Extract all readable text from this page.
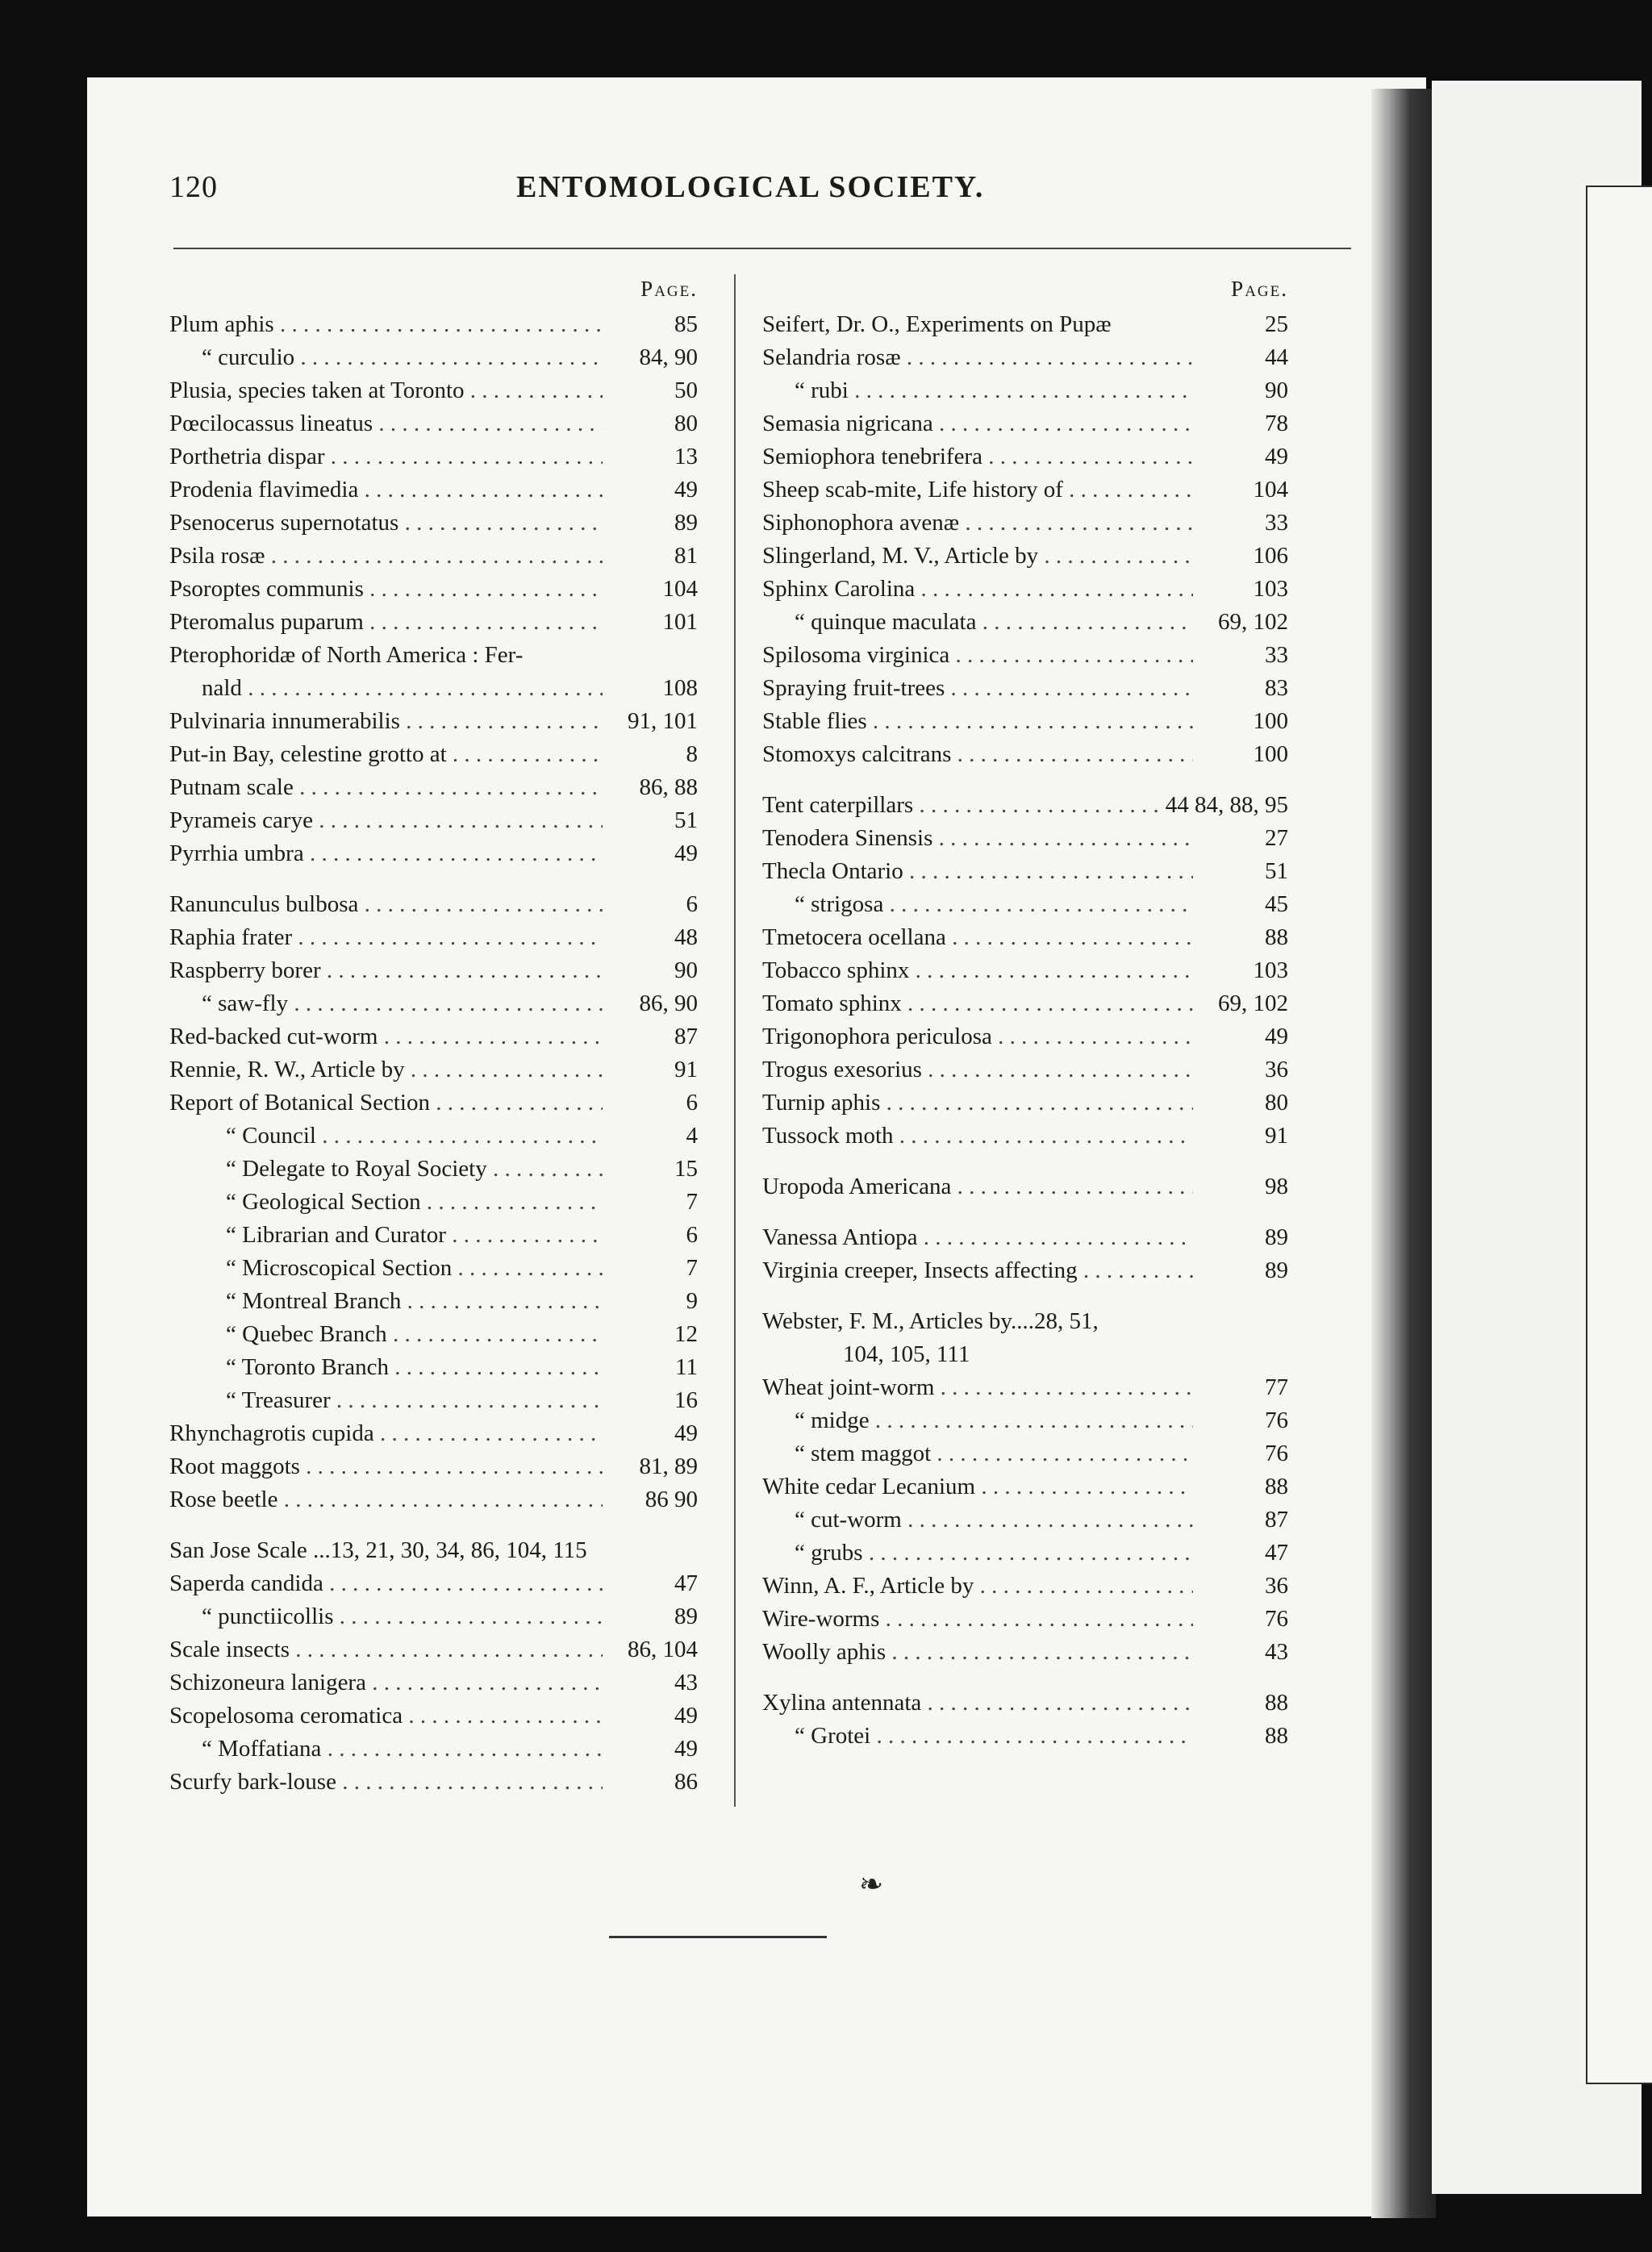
120	ENTOMOLOGICAL SOCIETY.
Page.
Plum aphis . . .	85
“ curculio . . .	84, 90
Plusia, species taken at Toronto . . .	50
Pœcilocassus lineatus . . .	80
Porthetria dispar . . .	13
Prodenia flavimedia . . .	49
Psenocerus supernotatus . . .	89
Psila rosæ . . .	81
Psoroptes communis . . .	104
Pteromalus puparum . . .	101
Pterophoridæ of North America : Fer-
nald . . .	108
Pulvinaria innumerabilis . . .	91, 101
Put-in Bay, celestine grotto at . . .	8
Putnam scale . . .	86, 88
Pyrameis carye . . .	51
Pyrrhia umbra . . .	49
Ranunculus bulbosa . . .	6
Raphia frater . . .	48
Raspberry borer . . .	90
“ saw-fly . . .	86, 90
Red-backed cut-worm . . .	87
Rennie, R. W., Article by . . .	91
Report of Botanical Section . . .	6
“ Council . . .	4
“ Delegate to Royal Society . . .	15
“ Geological Section . . .	7
“ Librarian and Curator . . .	6
“ Microscopical Section . . .	7
“ Montreal Branch . . .	9
“ Quebec Branch . . .	12
“ Toronto Branch . . .	11
“ Treasurer . . .	16
Rhynchagrotis cupida . . .	49
Root maggots . . .	81, 89
Rose beetle . . .	86 90
San Jose Scale ...13, 21, 30, 34, 86, 104, 115
Saperda candida . . .	47
“ punctiicollis . . .	89
Scale insects . . .	86, 104
Schizoneura lanigera . . .	43
Scopelosoma ceromatica . . .	49
“ Moffatiana . . .	49
Scurfy bark-louse . . .	86
Page.
Seifert, Dr. O., Experiments on Pupæ	25
Selandria rosæ . . .	44
“ rubi . . .	90
Semasia nigricana . . .	78
Semiophora tenebrifera . . .	49
Sheep scab-mite, Life history of . . .	104
Siphonophora avenæ . . .	33
Slingerland, M. V., Article by . . .	106
Sphinx Carolina . . .	103
“ quinque maculata . . .	69, 102
Spilosoma virginica . . .	33
Spraying fruit-trees . . .	83
Stable flies . . .	100
Stomoxys calcitrans . . .	100
Tent caterpillars . . .	44 84, 88, 95
Tenodera Sinensis . . .	27
Thecla Ontario . . .	51
“ strigosa . . .	45
Tmetocera ocellana . . .	88
Tobacco sphinx . . .	103
Tomato sphinx . . .	69, 102
Trigonophora periculosa . . .	49
Trogus exesorius . . .	36
Turnip aphis . . .	80
Tussock moth . . .	91
Uropoda Americana . . .	98
Vanessa Antiopa . . .	89
Virginia creeper, Insects affecting . . .	89
Webster, F. M., Articles by....28, 51,
104, 105, 111
Wheat joint-worm . . .	77
“ midge . . .	76
“ stem maggot . . .	76
White cedar Lecanium . . .	88
“ cut-worm . . .	87
“ grubs . . .	47
Winn, A. F., Article by . . .	36
Wire-worms . . .	76
Woolly aphis . . .	43
Xylina antennata . . .	88
“ Grotei . . .	88
❧
